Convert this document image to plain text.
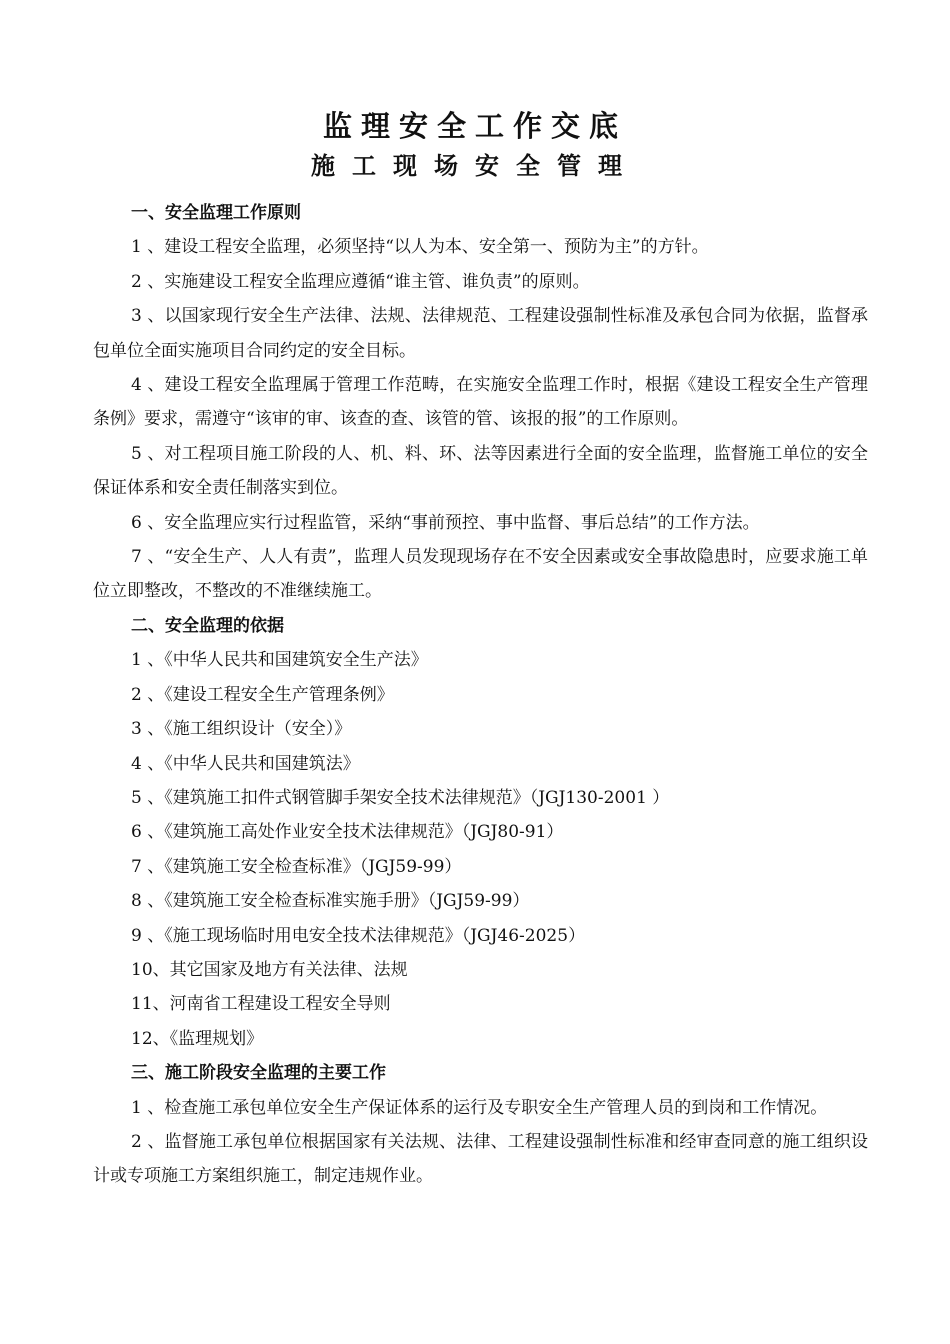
监理安全工作交底
施工现场安全管理

一、安全监理工作原则

1 、建设工程安全监理，必须坚持“以人为本、安全第一、预防为主”的方针。

2 、实施建设工程安全监理应遵循“谁主管、谁负责”的原则。

3 、以国家现行安全生产法律、法规、法律规范、工程建设强制性标准及承包合同为依据，监督承包单位全面实施项目合同约定的安全目标。

4 、建设工程安全监理属于管理工作范畴，在实施安全监理工作时，根据《建设工程安全生产管理条例》要求，需遵守“该审的审、该查的查、该管的管、该报的报”的工作原则。

5 、对工程项目施工阶段的人、机、料、环、法等因素进行全面的安全监理，监督施工单位的安全保证体系和安全责任制落实到位。

6 、安全监理应实行过程监管，采纳“事前预控、事中监督、事后总结”的工作方法。

7 、“安全生产、人人有责”，监理人员发现现场存在不安全因素或安全事故隐患时，应要求施工单位立即整改，不整改的不准继续施工。

二、安全监理的依据

1 、《中华人民共和国建筑安全生产法》

2 、《建设工程安全生产管理条例》

3 、《施工组织设计（安全）》

4 、《中华人民共和国建筑法》

5 、《建筑施工扣件式钢管脚手架安全技术法律规范》（JGJ130-2001 ）

6 、《建筑施工高处作业安全技术法律规范》（JGJ80-91）

7 、《建筑施工安全检查标准》（JGJ59-99）

8 、《建筑施工安全检查标准实施手册》（JGJ59-99）

9 、《施工现场临时用电安全技术法律规范》（JGJ46-2025）

10、其它国家及地方有关法律、法规

11、河南省工程建设工程安全导则

12、《监理规划》

三、施工阶段安全监理的主要工作

1 、检查施工承包单位安全生产保证体系的运行及专职安全生产管理人员的到岗和工作情况。

2 、监督施工承包单位根据国家有关法规、法律、工程建设强制性标准和经审查同意的施工组织设计或专项施工方案组织施工，制定违规作业。
